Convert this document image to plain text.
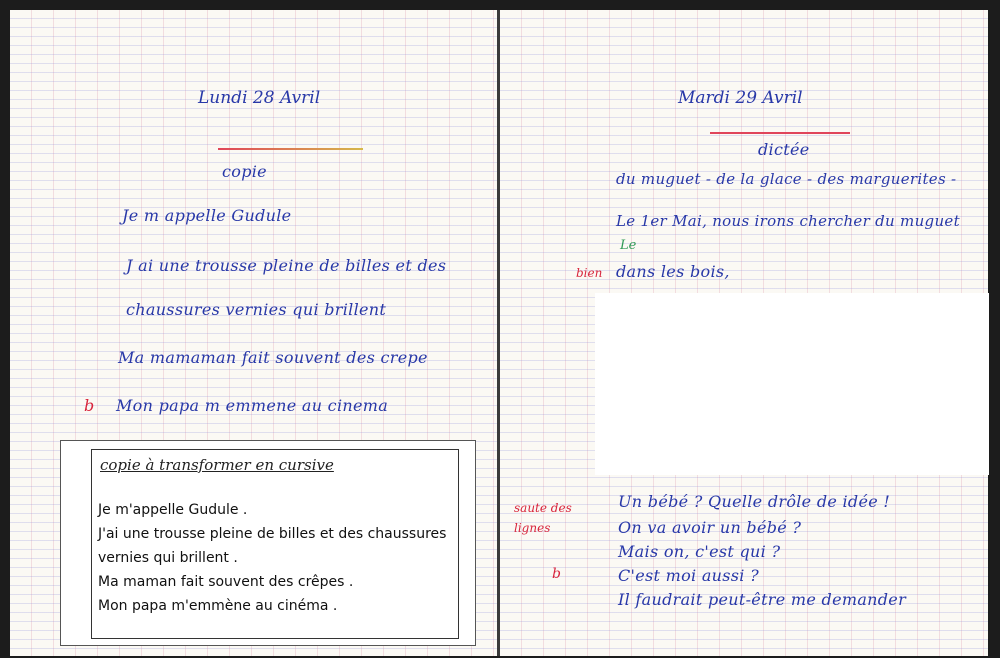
Lundi 28 Avril
copie
Je m appelle Gudule
J ai une trousse pleine de billes et des
chaussures vernies qui brillent
Ma mamaman fait souvent des crepe
b Mon papa m emmene au cinema
copie à transformer en cursive
Je m'appelle Gudule .
J'ai une trousse pleine de billes et des chaussures
vernies qui brillent .
Ma maman fait souvent des crêpes .
Mon papa m'emmène au cinéma .
Mardi 29 Avril
dictée
du muguet - de la glace - des marguerites -
Le 1er Mai, nous irons chercher du muguet
Le
bien dans les bois,
saute des lignes
b
Un bébé ? Quelle drôle de idée !
On va avoir un bébé ?
Mais on, c'est qui ?
C'est moi aussi ?
Il faudrait peut-être me demander
